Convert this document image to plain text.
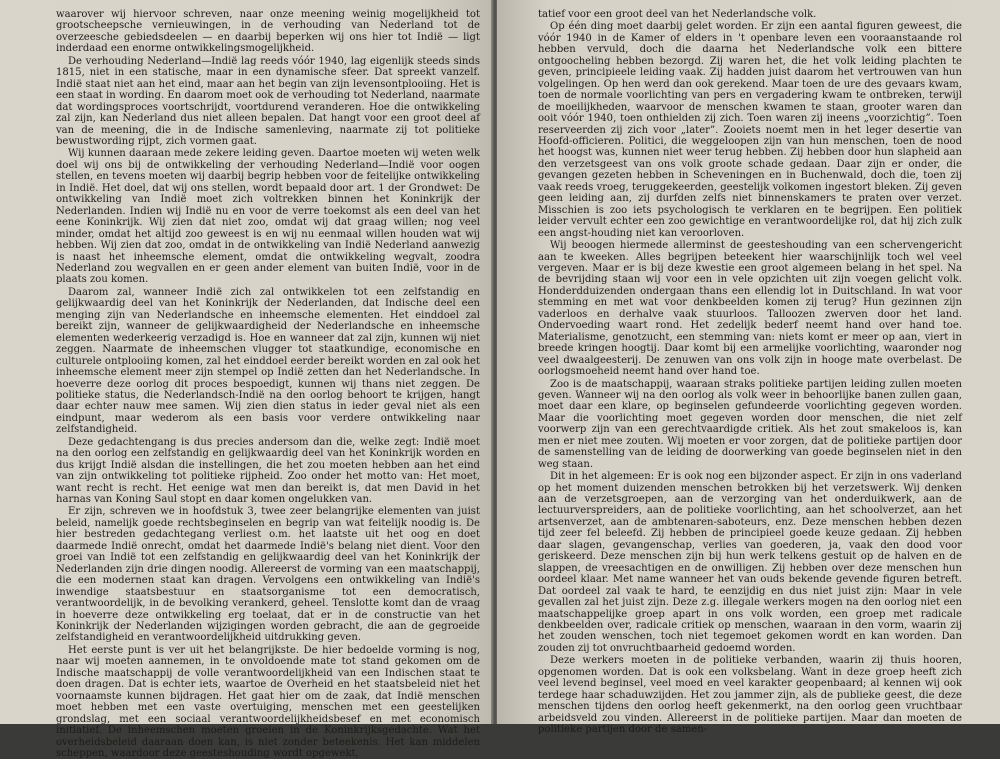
waarover wij hiervoor schreven, naar onze meening weinig mogelijkheid tot grootscheepsche vernieuwingen, in de verhouding van Nederland tot de overzeesche gebiedsdeelen — en daarbij beperken wij ons hier tot Indië — ligt inderdaad een enorme ontwikkelingsmogelijkheid.

De verhouding Nederland—Indië lag reeds vóór 1940, lag eigenlijk steeds sinds 1815, niet in een statische, maar in een dynamische sfeer. Dat spreekt vanzelf. Indië staat niet aan het eind, maar aan het begin van zijn levensontplooiing. Het is een staat in wording. En daarom moet ook de verhouding tot Nederland, naarmate dat wordingsproces voortschrijdt, voortdurend veranderen. Hoe die ontwikkeling zal zijn, kan Nederland dus niet alleen bepalen. Dat hangt voor een groot deel af van de meening, die in de Indische samenleving, naarmate zij tot politieke bewustwording rijpt, zich vormen gaat.

Wij kunnen daaraan mede zekere leiding geven. Daartoe moeten wij weten welk doel wij ons bij de ontwikkeling der verhouding Nederland—Indië voor oogen stellen, en tevens moeten wij daarbij begrip hebben voor de feitelijke ontwikkeling in Indië. Het doel, dat wij ons stellen, wordt bepaald door art. 1 der Grondwet: De ontwikkeling van Indië moet zich voltrekken binnen het Koninkrijk der Nederlanden. Indien wij Indië nu en voor de verre toekomst als een deel van het eene Koninkrijk. Wij zien dat niet zoo, omdat wij dat graag willen; nog veel minder, omdat het altijd zoo geweest is en wij nu eenmaal willen houden wat wij hebben. Wij zien dat zoo, omdat in de ontwikkeling van Indië Nederland aanwezig is naast het inheemsche element, omdat die ontwikkeling wegvalt, zoodra Nederland zou wegvallen en er geen ander element van buiten Indië, voor in de plaats zou komen.

Daarom zal, wanneer Indië zich zal ontwikkelen tot een zelfstandig en gelijkwaardig deel van het Koninkrijk der Nederlanden, dat Indische deel een menging zijn van Nederlandsche en inheemsche elementen. Het einddoel zal bereikt zijn, wanneer de gelijkwaardigheid der Nederlandsche en inheemsche elementen wederkeerig verzadigd is. Hoe en wanneer dat zal zijn, kunnen wij niet zeggen. Naarmate de inheemschen vlugger tot staatkundige, economische en culturele ontplooiing komen, zal het einddoel eerder bereikt worden en zal ook het inheemsche element meer zijn stempel op Indië zetten dan het Nederlandsche. In hoeverre deze oorlog dit proces bespoedigt, kunnen wij thans niet zeggen. De politieke status, die Nederlandsch-Indië na den oorlog behoort te krijgen, hangt daar echter nauw mee samen. Wij zien dien status in ieder geval niet als een eindpunt, maar wederom als een basis voor verdere ontwikkeling naar zelfstandigheid.

Deze gedachtengang is dus precies andersom dan die, welke zegt: Indië moet na den oorlog een zelfstandig en gelijkwaardig deel van het Koninkrijk worden en dus krijgt Indië alsdan die instellingen, die het zou moeten hebben aan het eind van zijn ontwikkeling tot politieke rijpheid. Zoo onder het motto van: Het moet, want recht is recht. Het eenige wat men dan bereikt is, dat men David in het harnas van Koning Saul stopt en daar komen ongelukken van.

Er zijn, schreven we in hoofdstuk 3, twee zeer belangrijke elementen van juist beleid, namelijk goede rechtsbeginselen en begrip van wat feitelijk noodig is. De hier bestreden gedachtegang verliest o.m. het laatste uit het oog en doet daarmede Indië onrecht, omdat het daarmede Indië's belang niet dient. Voor den groei van Indië tot een zelfstandig en gelijkwaardig deel van het Koninkrijk der Nederlanden zijn drie dingen noodig. Allereerst de vorming van een maatschappij, die een modernen staat kan dragen. Vervolgens een ontwikkeling van Indië's inwendige staatsbestuur en staatsorganisme tot een democratisch, verantwoordelijk, in de bevolking verankerd, geheel. Tenslotte komt dan de vraag in hoeverre deze ontwikkeling erg toelaat, dat er in de constructie van het Koninkrijk der Nederlanden wijzigingen worden gebracht, die aan de gegroeide zelfstandigheid en verantwoordelijkheid uitdrukking geven.

Het eerste punt is ver uit het belangrijkste. De hier bedoelde vorming is nog, naar wij moeten aannemen, in te onvoldoende mate tot stand gekomen om de Indische maatschappij de volle verantwoordelijkheid van een Indischen staat te doen dragen. Dat is echter iets, waartoe de Overheid en het staatsbeleid niet het voornaamste kunnen bijdragen. Het gaat hier om de zaak, dat Indië menschen moet hebben met een vaste overtuiging, menschen met een geestelijken grondslag, met een sociaal verantwoordelijkheidsbesef en met economisch initiatief. De inheemschen moeten groeien in de Koninkrijksgedachte. Wat het overheidsbeleid daaraan doen kan, is niet zonder beteekenis. Het kan middelen scheppen, waardoor deze geesteshouding wordt opgewekt,

tatief voor een groot deel van het Nederlandsche volk.

Op één ding moet daarbij gelet worden. Er zijn een aantal figuren geweest, die vóór 1940 in de Kamer of elders in 't openbare leven een vooraanstaande rol hebben vervuld, doch die daarna het Nederlandsche volk een bittere ontgoocheling hebben bezorgd. Zij waren het, die het volk leiding plachten te geven, principieele leiding vaak. Zij hadden juist daarom het vertrouwen van hun volgelingen. Op hen werd dan ook gerekend. Maar toen de ure des gevaars kwam, toen de normale voorlichting van pers en vergadering kwam te ontbreken, terwijl de moeilijkheden, waarvoor de menschen kwamen te staan, grooter waren dan ooit vóór 1940, toen onthielden zij zich. Toen waren zij ineens „voorzichtig”. Toen reserveerden zij zich voor „later”. Zooiets noemt men in het leger desertie van Hoofd-officieren. Politici, die weggeloopen zijn van hun menschen, toen de nood het hoogst was, kunnen niet weer terug hebben. Zij hebben door hun slapheid aan den verzetsgeest van ons volk groote schade gedaan. Daar zijn er onder, die gevangen gezeten hebben in Scheveningen en in Buchenwald, doch die, toen zij vaak reeds vroeg, teruggekeerden, geestelijk volkomen ingestort bleken. Zij geven geen leiding aan, zij durfden zelfs niet binnenskamers te praten over verzet. Misschien is zoo iets psychologisch te verklaren en te begrijpen. Een politiek leider vervult echter een zoo gewichtige en verantwoordelijke rol, dat hij zich zulk een angst-houding niet kan veroorloven.

Wij beoogen hiermede allerminst de geesteshouding van een schervengericht aan te kweeken. Alles begrijpen beteekent hier waarschijnlijk toch wel veel vergeven. Maar er is bij deze kwestie een groot algemeen belang in het spel. Na de bevrijding staan wij voor een in vele opzichten uit zijn voegen gelicht volk. Honderdduizenden ondergaan thans een ellendig lot in Duitschland. In wat voor stemming en met wat voor denkbeelden komen zij terug? Hun gezinnen zijn vaderloos en derhalve vaak stuurloos. Talloozen zwerven door het land. Ondervoeding waart rond. Het zedelijk bederf neemt hand over hand toe. Materialisme, genotzucht, een stemming van: niets komt er meer op aan, viert in breede kringen hoogtij. Daar komt bij een armelijke voorlichting, waaronder nog veel dwaalgeesterij. De zenuwen van ons volk zijn in hooge mate overbelast. De oorlogsmoeheid neemt hand over hand toe.

Zoo is de maatschappij, waaraan straks politieke partijen leiding zullen moeten geven. Wanneer wij na den oorlog als volk weer in behoorlijke banen zullen gaan, moet daar een klare, op beginselen gefundeerde voorlichting gegeven worden. Maar die voorlichting moet gegeven worden door menschen, die niet zelf voorwerp zijn van een gerechtvaardigde critiek. Als het zout smakeloos is, kan men er niet mee zouten. Wij moeten er voor zorgen, dat de politieke partijen door de samenstelling van de leiding de doorwerking van goede beginselen niet in den weg staan.

Dit in het algemeen: Er is ook nog een bijzonder aspect. Er zijn in ons vaderland op het moment duizenden menschen betrokken bij het verzetswerk. Wij denken aan de verzetsgroepen, aan de verzorging van het onderduikwerk, aan de lectuurverspreiders, aan de politieke voorlichting, aan het schoolverzet, aan het artsenverzet, aan de ambtenaren-saboteurs, enz. Deze menschen hebben dezen tijd zeer fel beleefd. Zij hebben de principieel goede keuze gedaan. Zij hebben daar slagen, gevangenschap, verlies van goederen, ja, vaak den dood voor geriskeerd. Deze menschen zijn bij hun werk telkens gestuit op de halven en de slappen, de vreesachtigen en de onwilligen. Zij hebben over deze menschen hun oordeel klaar. Met name wanneer het van ouds bekende gevende figuren betreft. Dat oordeel zal vaak te hard, te eenzijdig en dus niet juist zijn: Maar in vele gevallen zal het juist zijn. Deze z.g. illegale werkers mogen na den oorlog niet een maatschappelijke groep apart in ons volk worden, een groep met radicale denkbeelden over, radicale critiek op menschen, waaraan in den vorm, waarin zij het zouden wenschen, toch niet tegemoet gekomen wordt en kan worden. Dan zouden zij tot onvruchtbaarheid gedoemd worden.

Deze werkers moeten in de politieke verbanden, waarin zij thuis hooren, opgenomen worden. Dat is ook een volksbelang. Want in deze groep heeft zich veel levend beginsel, veel moed en veel karakter geopenbaard; al kennen wij ook terdege haar schaduwzijden. Het zou jammer zijn, als de publieke geest, die deze menschen tijdens den oorlog heeft gekenmerkt, na den oorlog geen vruchtbaar arbeidsveld zou vinden. Allereerst in de politieke partijen. Maar dan moeten de politieke partijen door de samen-
